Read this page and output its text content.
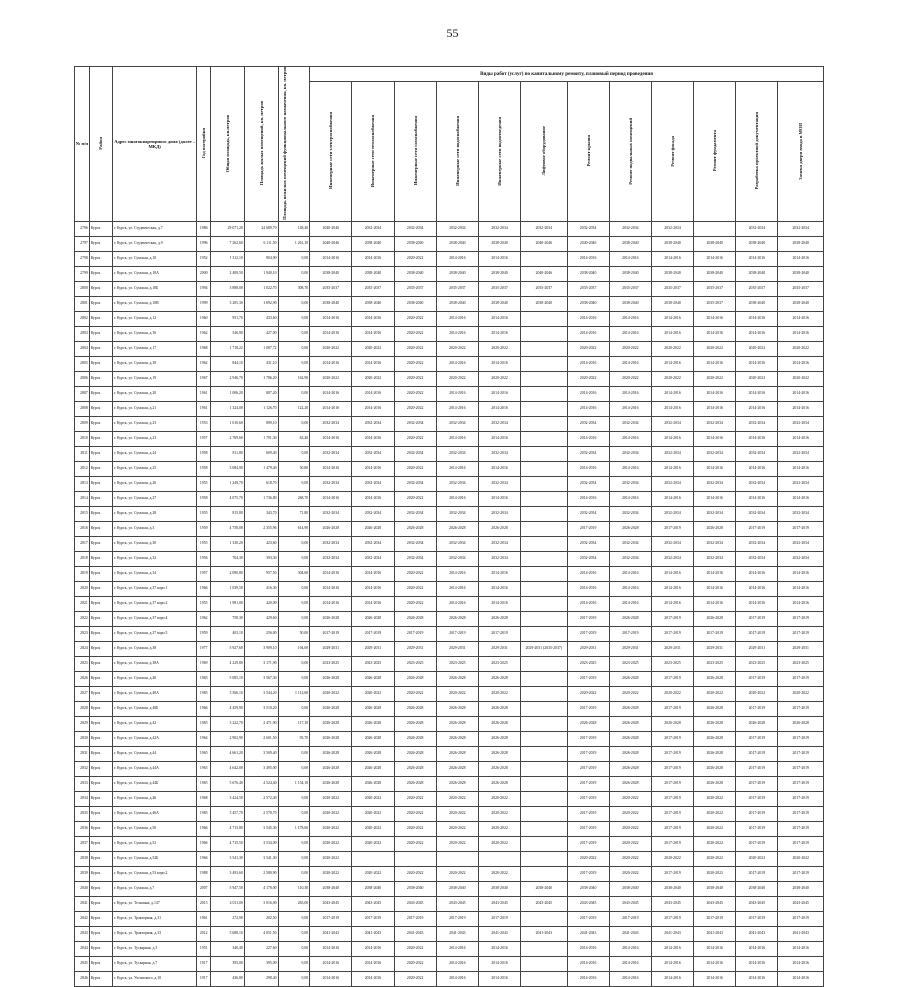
55
№ п/п	Район	Адрес многоквартирного дома (далее – МКД)	Год постройки	Общая площадь, кв.метров	Площадь жилых помещений, кв. метров	Площадь нежилых помещений функционального назначения, кв. метров	Виды работ (услуг) по капитальному ремонту, плановый период проведения											
							Инженерные сети электроснабжения	Инженерные сети теплоснабжения	Инженерные сети газоснабжения	Инженерные сети водоснабжения	Инженерные сети водоотведения	Лифтовое оборудование	Ремонт крыши	Ремонт подвальных помещений	Ремонт фасада	Ремонт фундамента	Разработка проектной документации	Замена двери входа в МОП
2796	Курск	г. Курск, ул. Студенческая, д.7	1986	29 071,20	24 689,70	148,40	2040-2046	2032-2034	2032-2034	2032-2034	2032-2034	2032-2034	2032-2034	2032-2034	2032-2034		2032-2034	2032-2034
2797	Курск	г. Курск, ул. Студенческая, д.9	1996	7 262,60	6 111,50	1 261,10	2040-2046	2038-2040	2038-2040	2038-2040	2038-2040	2040-2046	2040-2046	2038-2040	2038-2040	2038-2040	2038-2040	2038-2040
2798	Курск	г. Курск, ул. Сумская, д.10	1952	1 312,10	804,90	0,00	2014-2016	2014-2016	2020-2022	2014-2016	2014-2016		2014-2016	2014-2016	2014-2016	2014-2016	2014-2016	2014-2016
2799	Курск	г. Курск, ул. Сумская, д.10А	2000	2 409,50	1 940,10	0,00	2038-2040	2038-2040	2038-2040	2038-2040	2038-2040	2040-2046	2038-2040	2038-2040	2038-2040	2038-2040	2038-2040	2038-2040
2800	Курск	г. Курск, ул. Сумская, д.10Б	1994	3 888,00	1 022,70	308,70	2035-2037	2035-2037	2035-2037	2035-2037	2035-2037	2035-2037	2035-2037	2035-2037	2035-2037	2035-2037	2035-2037	2035-2037
2801	Курск	г. Курск, ул. Сумская, д.10В	1999	3 205,30	1 692,90	0,00	2038-2040	2038-2040	2038-2040	2038-2040	2038-2040	2038-2040	2038-2040	2038-2040	2038-2040	2035-2037	2038-2040	2038-2040
2802	Курск	г. Курск, ул. Сумская, д.12	1960	951,70	433,60	0,00	2014-2016	2014-2016	2020-2022	2014-2016	2014-2016		2014-2016	2014-2016	2014-2016	2014-2016	2014-2016	2014-2016
2803	Курск	г. Курск, ул. Сумская, д.16	1962	546,90	427,00	0,00	2014-2016	2014-2016	2020-2022	2014-2016	2014-2016		2014-2016	2014-2016	2014-2016	2014-2016	2014-2016	2014-2016
2804	Курск	г. Курск, ул. Сумская, д.17	1968	1 718,22	1 087,72	0,00	2020-2022	2020-2022	2020-2022	2020-2022	2020-2022		2020-2022	2020-2022	2020-2022	2020-2022	2020-2022	2020-2022
2805	Курск	г. Курск, ул. Сумская, д.18	1962	844,10	431,10	0,00	2014-2016	2014-2016	2020-2022	2014-2016	2014-2016		2014-2016	2014-2016	2014-2016	2014-2016	2014-2016	2014-2016
2806	Курск	г. Курск, ул. Сумская, д.19	1967	2 946,70	1 786,20	162,90	2020-2022	2020-2022	2020-2022	2020-2022	2020-2022		2020-2022	2020-2022	2020-2022	2020-2022	2020-2022	2020-2022
2807	Курск	г. Курск, ул. Сумская, д.20	1961	1 006,20	807,20	0,00	2014-2016	2014-2016	2020-2022	2014-2016	2014-2016		2014-2016	2014-2016	2014-2016	2014-2016	2014-2016	2014-2016
2808	Курск	г. Курск, ул. Сумская, д.21	1961	1 324,00	1 126,70	122,20	2014-2016	2014-2016	2020-2022	2014-2016	2014-2016		2014-2016	2014-2016	2014-2016	2014-2016	2014-2016	2014-2016
2809	Курск	г. Курск, ул. Сумская, д.23	1953	1 010,60	809,10	0,00	2032-2034	2032-2034	2032-2034	2032-2034	2032-2034		2032-2034	2032-2034	2032-2034	2032-2034	2032-2034	2032-2034
2810	Курск	г. Курск, ул. Сумская, д.23	1957	2 769,60	1 791,30	63,40	2014-2016	2014-2016	2020-2022	2014-2016	2014-2016		2014-2016	2014-2016	2014-2016	2014-2016	2014-2016	2014-2016
2811	Курск	г. Курск, ул. Сумская, д.24	1958	811,80	609,40	0,00	2032-2034	2032-2034	2032-2034	2032-2034	2032-2034		2032-2034	2032-2034	2032-2034	2032-2034	2032-2034	2032-2034
2812	Курск	г. Курск, ул. Сумская, д.25	1958	3 084,90	1 479,40	50,80	2014-2016	2014-2016	2020-2022	2014-2016	2014-2016		2014-2016	2014-2016	2014-2016	2014-2016	2014-2016	2014-2016
2813	Курск	г. Курск, ул. Сумская, д.26	1955	1 249,70	618,70	0,00	2032-2034	2032-2034	2032-2034	2032-2034	2032-2034		2032-2034	2032-2034	2032-2034	2032-2034	2032-2034	2032-2034
2814	Курск	г. Курск, ул. Сумская, д.27	1958	4 075,70	1 736,80	268,70	2014-2016	2014-2016	2020-2022	2014-2016	2014-2016		2014-2016	2014-2016	2014-2016	2014-2016	2014-2016	2014-2016
2815	Курск	г. Курск, ул. Сумская, д.28	1955	815,80	343,70	71,80	2032-2034	2032-2034	2032-2034	2032-2034	2032-2034		2032-2034	2032-2034	2032-2034	2032-2034	2032-2034	2032-2034
2816	Курск	г. Курск, ул. Сумская, д.3	1959	4 758,08	2 355,96	614,90	2026-2028	2026-2028	2026-2028	2026-2028	2026-2028		2017-2019	2026-2028	2017-2019	2026-2028	2017-2019	2017-2019
2817	Курск	г. Курск, ул. Сумская, д.30	1955	1 330,20	423,60	0,00	2032-2034	2032-2034	2032-2034	2032-2034	2032-2034		2032-2034	2032-2034	2032-2034	2032-2034	2032-2034	2032-2034
2818	Курск	г. Курск, ул. Сумская, д.32	1956	704,30	393,30	0,00	2032-2034	2032-2034	2032-2034	2032-2034	2032-2034		2032-2034	2032-2034	2032-2034	2032-2034	2032-2034	2032-2034
2819	Курск	г. Курск, ул. Сумская, д.34	1957	2 090,80	957,50	304,60	2014-2016	2014-2016	2020-2022	2014-2016	2014-2016		2014-2016	2014-2016	2014-2016	2014-2016	2014-2016	2014-2016
2820	Курск	г. Курск, ул. Сумская, д.37 корп.1	1966	1 039,50	416,30	0,00	2014-2016	2014-2016	2020-2022	2014-2016	2014-2016		2014-2016	2014-2016	2014-2016	2014-2016	2014-2016	2014-2016
2821	Курск	г. Курск, ул. Сумская, д.37 корп.2	1955	1 981,00	420,00	0,00	2014-2016	2014-2016	2020-2022	2014-2016	2014-2016		2014-2016	2014-2016	2014-2016	2014-2016	2014-2016	2014-2016
2822	Курск	г. Курск, ул. Сумская, д.37 корп.4	1962	758,30	429,60	0,00	2026-2028	2026-2028	2026-2028	2026-2028	2026-2028		2017-2019	2026-2028	2017-2019	2026-2028	2017-2019	2017-2019
2823	Курск	г. Курск, ул. Сумская, д.37 корп.5	1959	403,10	256,00	50,00	2017-2019	2017-2019	2017-2019	2017-2019	2017-2019		2017-2019	2017-2019	2017-2019	2017-2019	2017-2019	2017-2019
2824	Курск	г. Курск, ул. Сумская, д.38	1977	5 927,60	3 909,10	194,00	2029-2031	2029-2031	2029-2031	2029-2031	2029-2031	2029-2031 (2035-2037)	2029-2031	2029-2031	2029-2031	2029-2031	2029-2031	2029-2031
2825	Курск	г. Курск, ул. Сумская, д.38А	1969	4 229,80	3 171,90	0,00	2023-2025	2023-2025	2023-2025	2023-2025	2023-2025		2023-2025	2023-2025	2023-2025	2023-2025	2023-2025	2023-2025
2826	Курск	г. Курск, ул. Сумская, д.40	1965	5 085,10	3 567,30	0,00	2026-2028	2026-2028	2026-2028	2026-2028	2026-2028		2017-2019	2026-2028	2017-2019	2026-2028	2017-2019	2017-2019
2827	Курск	г. Курск, ул. Сумская, д.40А	1965	3 566,10	3 544,20	1 112,60	2020-2022	2020-2022	2020-2022	2020-2022	2020-2022		2020-2022	2020-2022	2020-2022	2020-2022	2020-2022	2020-2022
2828	Курск	г. Курск, ул. Сумская, д.40Б	1966	4 459,90	3 510,20	0,00	2026-2028	2026-2028	2026-2028	2026-2028	2026-2028		2017-2019	2026-2028	2017-2019	2026-2028	2017-2019	2017-2019
2829	Курск	г. Курск, ул. Сумская, д.42	1965	3 222,70	2 471,90	117,10	2026-2028	2026-2028	2026-2028	2026-2028	2026-2028		2026-2028	2026-2028	2026-2028	2026-2028	2026-2028	2026-2028
2830	Курск	г. Курск, ул. Сумская, д.42А	1964	2 902,90	2 601,50	93,70	2026-2028	2026-2028	2026-2028	2026-2028	2026-2028		2017-2019	2026-2028	2017-2019	2026-2028	2017-2019	2017-2019
2831	Курск	г. Курск, ул. Сумская, д.44	1965	4 661,20	3 509,40	0,00	2026-2028	2026-2028	2026-2028	2026-2028	2026-2028		2017-2019	2026-2028	2017-2019	2026-2028	2017-2019	2017-2019
2832	Курск	г. Курск, ул. Сумская, д.44А	1965	4 642,00	3 495,00	0,00	2026-2028	2026-2028	2026-2028	2026-2028	2026-2028		2017-2019	2026-2028	2017-2019	2026-2028	2017-2019	2017-2019
2833	Курск	г. Курск, ул. Сумская, д.44Б	1965	5 676,40	4 524,40	1 154,10	2026-2028	2026-2028	2026-2028	2026-2028	2026-2028		2017-2019	2026-2028	2017-2019	2026-2028	2017-2019	2017-2019
2834	Курск	г. Курск, ул. Сумская, д.46	1968	3 424,50	2 572,40	0,00	2020-2022	2020-2022	2020-2022	2020-2022	2020-2022		2017-2019	2020-2022	2017-2019	2020-2022	2017-2019	2017-2019
2835	Курск	г. Курск, ул. Сумская, д.46А	1965	3 457,70	2 578,70	0,00	2020-2022	2020-2022	2020-2022	2020-2022	2020-2022		2017-2019	2020-2022	2017-2019	2020-2022	2017-2019	2017-2019
2836	Курск	г. Курск, ул. Сумская, д.50	1966	4 713,80	3 545,30	1 178,60	2020-2022	2020-2022	2020-2022	2020-2022	2020-2022		2017-2019	2020-2022	2017-2019	2020-2022	2017-2019	2017-2019
2837	Курск	г. Курск, ул. Сумская, д.52	1966	4 715,50	3 534,00	0,00	2020-2022	2020-2022	2020-2022	2020-2022	2020-2022		2017-2019	2020-2022	2017-2019	2020-2022	2017-2019	2017-2019
2838	Курск	г. Курск, ул. Сумская, д.52Б	1966	3 541,30	3 541,30	0,00	2020-2022						2020-2022	2020-2022	2020-2022	2020-2022	2020-2022	2020-2022
2839	Курск	г. Курск, ул. Сумская, д.53 корп.2	1988	3 493,60	2 580,90	0,00	2020-2022	2020-2022	2020-2022	2020-2022	2020-2022		2017-2019	2020-2022	2017-2019	2020-2022	2017-2019	2017-2019
2840	Курск	г. Курск, ул. Сумская, д.7	2007	5 947,50	4 170,00	110,30	2038-2040	2038-2040	2038-2040	2038-2040	2038-2040	2038-2040	2038-2040	2038-2040	2038-2040	2038-2040	2038-2040	2038-2040
2841	Курск	г. Курск, ул. Тельмана, д.147	2015	4 011,00	3 016,00	265,00	2043-2045	2043-2045	2043-2045	2043-2045	2043-2045	2043-2045	2043-2045	2043-2045	2043-2045	2043-2045	2043-2045	2043-2045
2842	Курск	г. Курск, ул. Тракторная, д.31	1961	272,90	202,50	0,00	2017-2019	2017-2019	2017-2019	2017-2019	2017-2019		2017-2019	2017-2019	2017-2019	2017-2019	2017-2019	2017-2019
2843	Курск	г. Курск, ул. Тракторная, д.33	2012	5 688,10	4 051,50	0,00	2041-2043	2041-2043	2041-2043	2041-2043	2041-2043	2041-2043	2041-2043	2041-2043	2041-2043	2041-2043	2041-2043	2041-2043
2844	Курск	г. Курск, ул. Тускарная, д.3	1951	346,40	227,60	0,00	2014-2016	2014-2016	2020-2022	2014-2016	2014-2016		2014-2016	2014-2016	2014-2016	2014-2016	2014-2016	2014-2016
2845	Курск	г. Курск, ул. Тускарная, д.7	1917	395,00	395,00	0,00	2014-2016	2014-2016	2020-2022	2014-2016	2014-2016		2014-2016	2014-2016	2014-2016	2014-2016	2014-2016	2014-2016
2846	Курск	г. Курск, ул. Ухтомского, д.10	1917	436,80	298,40	0,00	2014-2016	2014-2016	2020-2022	2014-2016	2014-2016		2014-2016	2014-2016	2014-2016	2014-2016	2014-2016	2014-2016
